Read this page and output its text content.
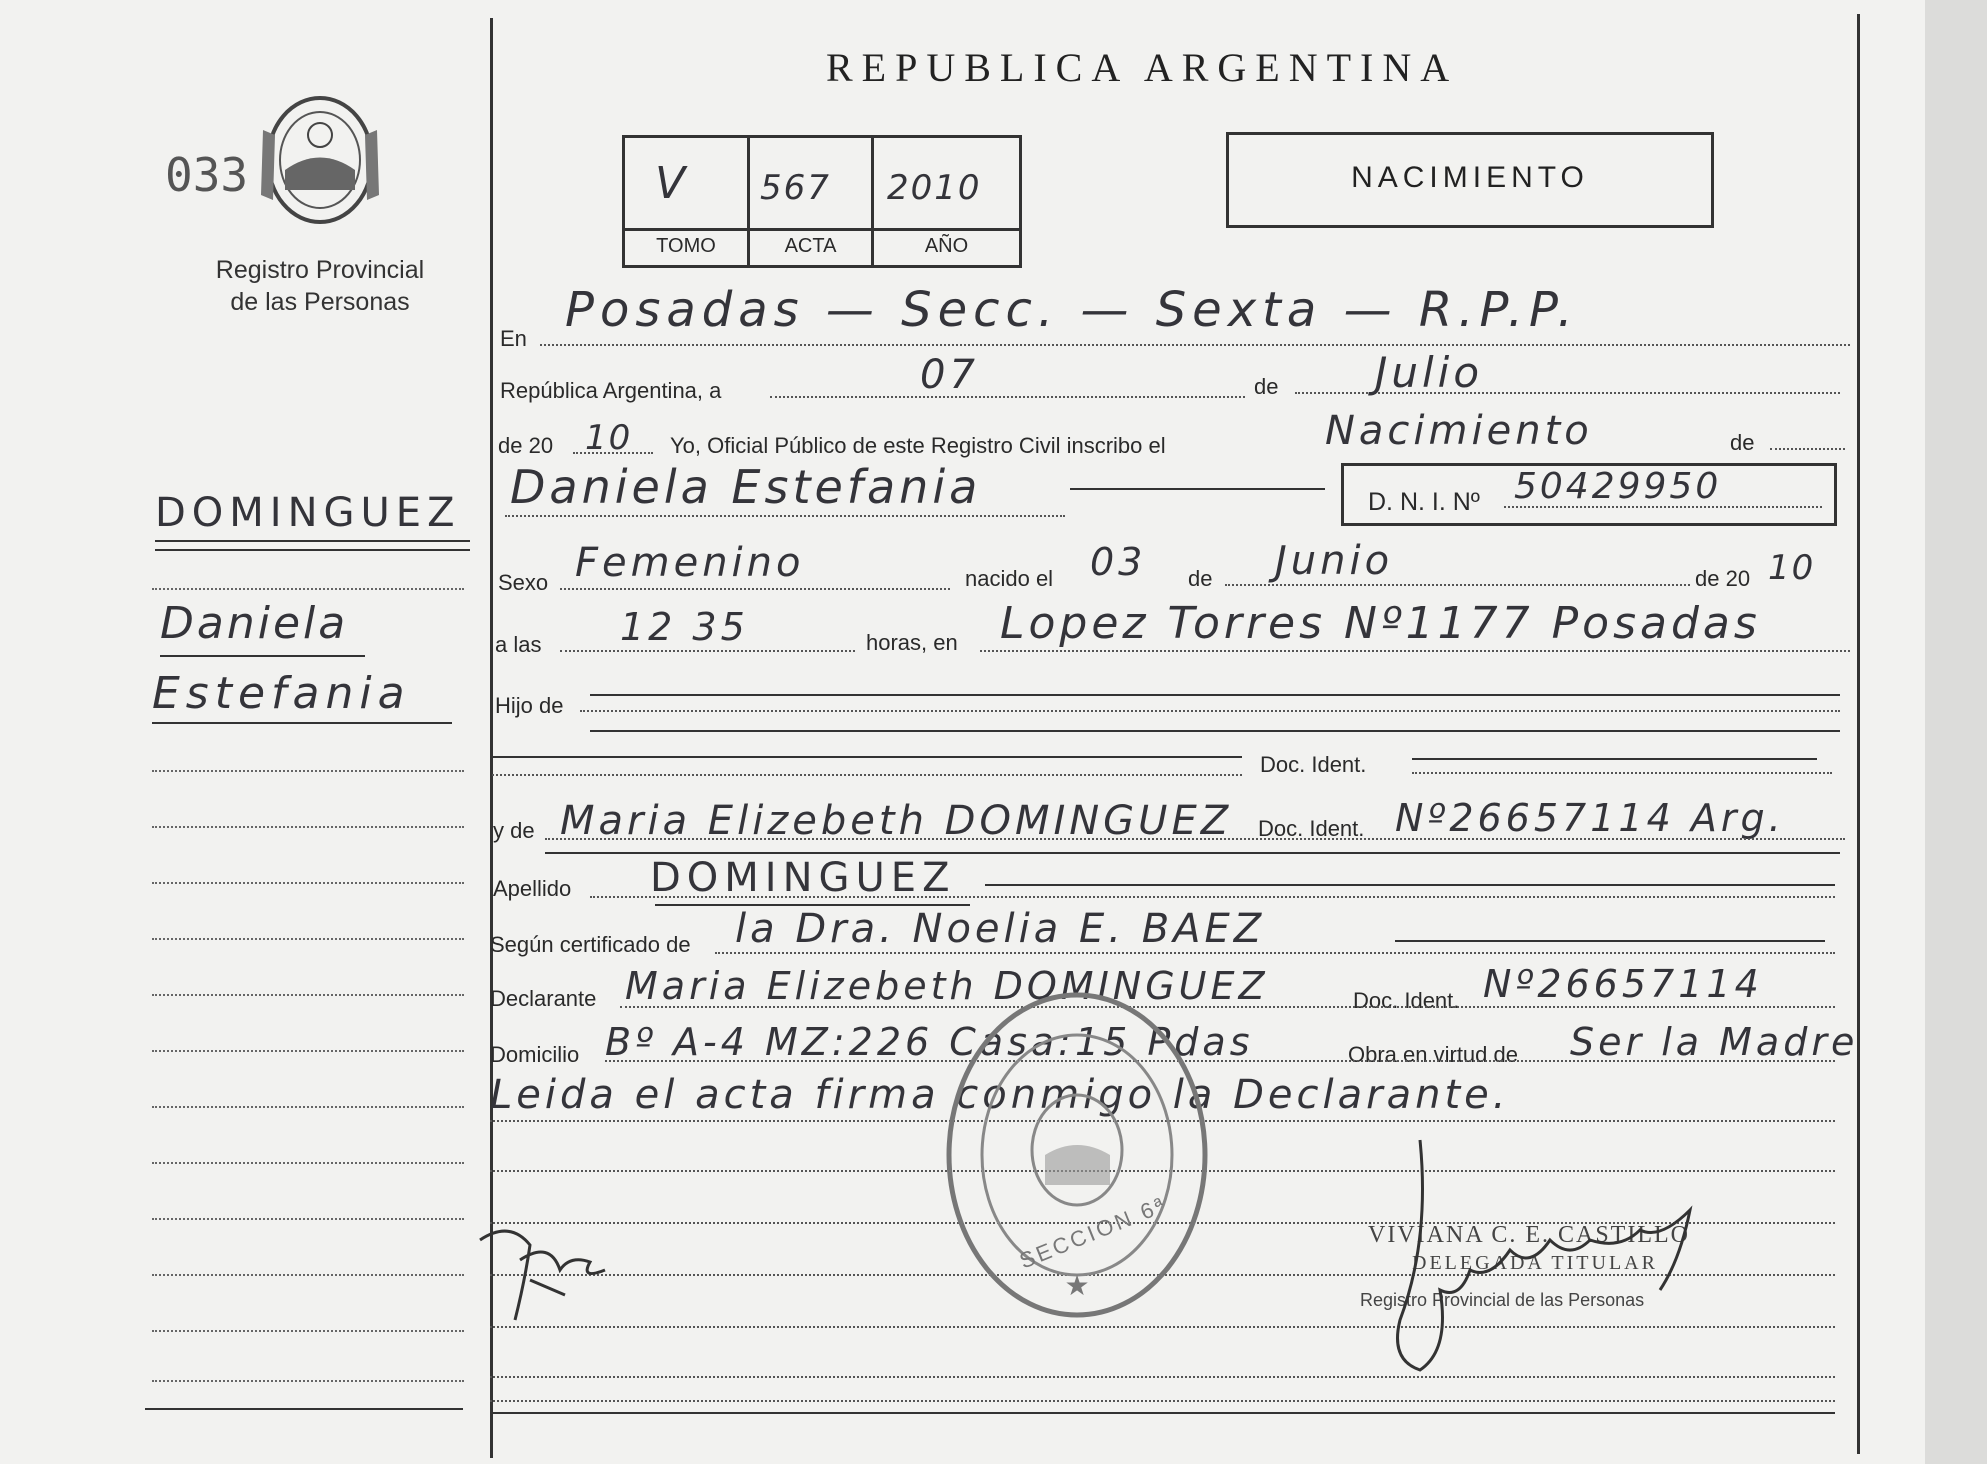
REPUBLICA ARGENTINA
033
Registro Provincial
de las Personas
V 567 2010
TOMO	ACTA	AÑO
NACIMIENTO
DOMINGUEZ
Daniela
Estefania
En
Posadas — Secc. — Sexta — R.P.P.
República Argentina, a	07	de Julio
de 20 10 Yo, Oficial Público de este Registro Civil inscribo el	Nacimiento	de
Daniela Estefania	D. N. I. Nº 50429950
Sexo Femenino	nacido el 03 de Junio	de 20 10
a las 12 35	horas, en Lopez Torres Nº1177 Posadas
Hijo de
Doc. Ident.
y de Maria Elizebeth DOMINGUEZ Doc. Ident. Nº26657114 Arg.
Apellido DOMINGUEZ
Según certificado de la Dra. Noelia E. BAEZ
Declarante Maria Elizebeth DOMINGUEZ	Doc. Ident. Nº26657114
Domicilio Bº A-4 MZ:226 Casa:15 Pdas	Obra en virtud de Ser la Madre
Leida el acta firma conmigo la Declarante.
★
SECCION 6ª	VIVIANA C. E. CASTILLO
DELEGADA TITULAR
Registro Provincial de las Personas
